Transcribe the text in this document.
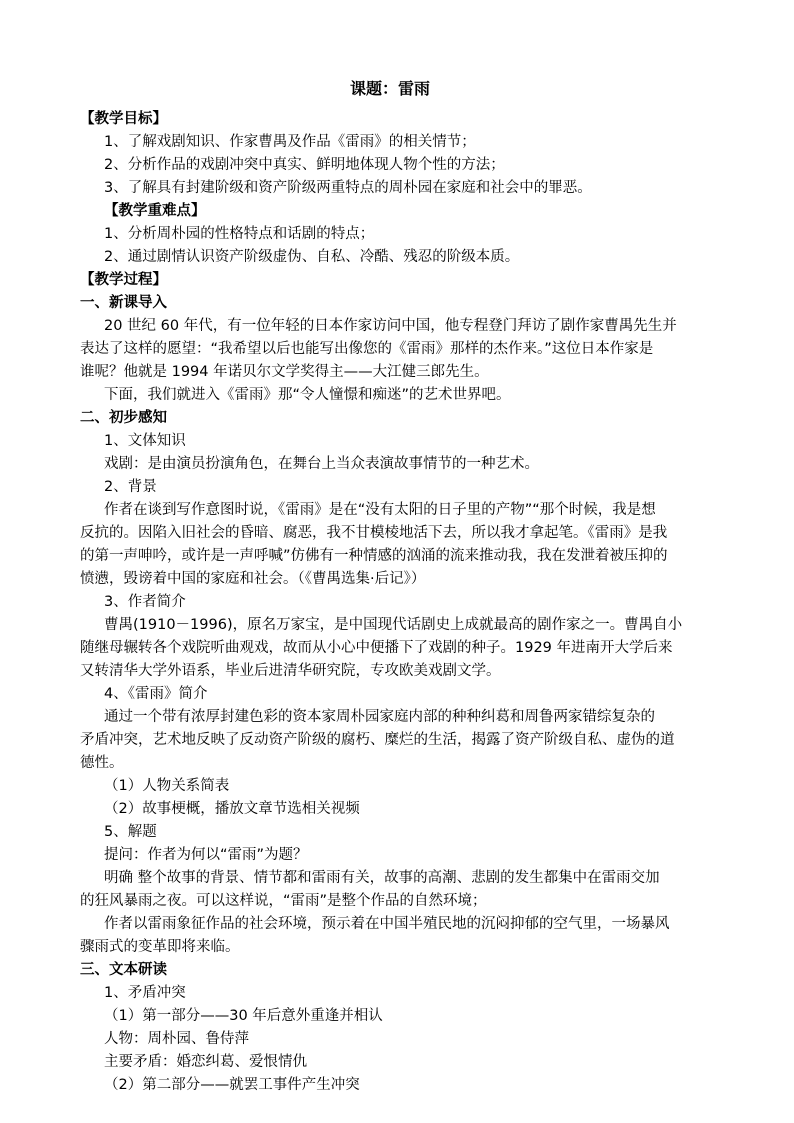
课题：雷雨
【教学目标】
1、了解戏剧知识、作家曹禺及作品《雷雨》的相关情节；
2、分析作品的戏剧冲突中真实、鲜明地体现人物个性的方法；
3、了解具有封建阶级和资产阶级两重特点的周朴园在家庭和社会中的罪恶。
【教学重难点】
1、分析周朴园的性格特点和话剧的特点；
2、通过剧情认识资产阶级虚伪、自私、冷酷、残忍的阶级本质。
【教学过程】
一、新课导入
20 世纪 60 年代，有一位年轻的日本作家访问中国，他专程登门拜访了剧作家曹禺先生并
表达了这样的愿望：“我希望以后也能写出像您的《雷雨》那样的杰作来。”这位日本作家是
谁呢？他就是 1994 年诺贝尔文学奖得主——大江健三郎先生。
下面，我们就进入《雷雨》那“令人憧憬和痴迷”的艺术世界吧。
二、初步感知
1、文体知识
戏剧：是由演员扮演角色，在舞台上当众表演故事情节的一种艺术。
2、背景
作者在谈到写作意图时说，《雷雨》是在“没有太阳的日子里的产物”“那个时候，我是想
反抗的。因陷入旧社会的昏暗、腐恶，我不甘模棱地活下去，所以我才拿起笔。《雷雨》是我
的第一声呻吟，或许是一声呼喊”仿佛有一种情感的汹涌的流来推动我，我在发泄着被压抑的
愤懑，毁谤着中国的家庭和社会。（《曹禺选集·后记》）
3、作者简介
曹禺(1910－1996)，原名万家宝，是中国现代话剧史上成就最高的剧作家之一。曹禺自小
随继母辗转各个戏院听曲观戏，故而从小心中便播下了戏剧的种子。1929 年进南开大学后来
又转清华大学外语系，毕业后进清华研究院，专攻欧美戏剧文学。
4、《雷雨》简介
通过一个带有浓厚封建色彩的资本家周朴园家庭内部的种种纠葛和周鲁两家错综复杂的
矛盾冲突，艺术地反映了反动资产阶级的腐朽、糜烂的生活，揭露了资产阶级自私、虚伪的道
德性。
（1）人物关系简表
（2）故事梗概，播放文章节选相关视频
5、解题
提问：作者为何以“雷雨”为题？
明确 整个故事的背景、情节都和雷雨有关，故事的高潮、悲剧的发生都集中在雷雨交加
的狂风暴雨之夜。可以这样说，“雷雨”是整个作品的自然环境；
作者以雷雨象征作品的社会环境，预示着在中国半殖民地的沉闷抑郁的空气里，一场暴风
骤雨式的变革即将来临。
三、文本研读
1、矛盾冲突
（1）第一部分——30 年后意外重逢并相认
人物：周朴园、鲁侍萍
主要矛盾：婚恋纠葛、爱恨情仇
（2）第二部分——就罢工事件产生冲突
